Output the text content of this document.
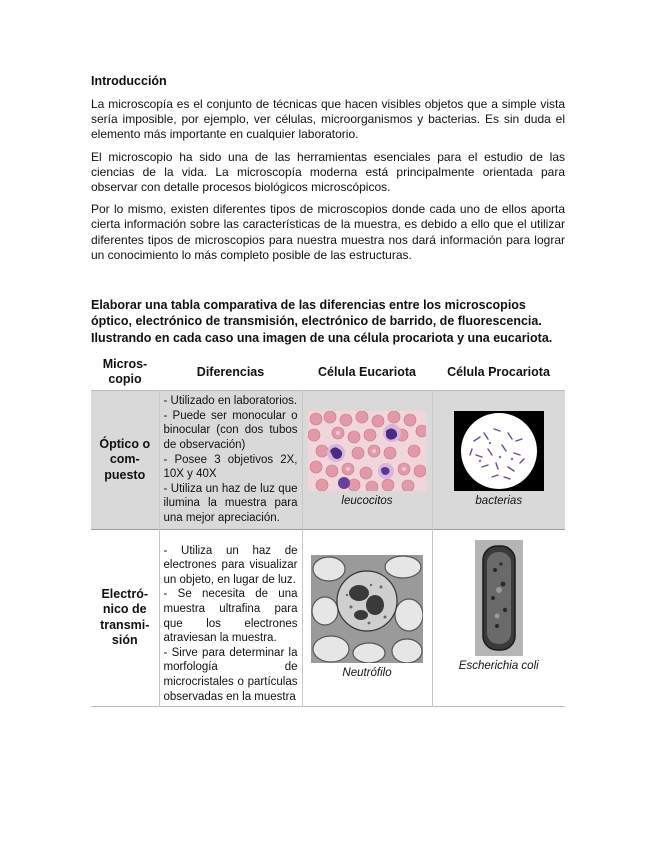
Introducción

La microscopía es el conjunto de técnicas que hacen visibles objetos que a simple vista sería imposible, por ejemplo, ver células, microorganismos y bacterias. Es sin duda el elemento más importante en cualquier laboratorio.

El microscopio ha sido una de las herramientas esenciales para el estudio de las ciencias de la vida. La microscopía moderna está principalmente orientada para observar con detalle procesos biológicos microscópicos.

Por lo mismo, existen diferentes tipos de microscopios donde cada uno de ellos aporta cierta información sobre las características de la muestra, es debido a ello que el utilizar diferentes tipos de microscopios para nuestra muestra nos dará información para lograr un conocimiento lo más completo posible de las estructuras.

Elaborar una tabla comparativa de las diferencias entre los microscopios óptico, electrónico de transmisión, electrónico de barrido, de fluorescencia. Ilustrando en cada caso una imagen de una célula procariota y una eucariota.
Micros-copio	Diferencias	Célula Eucariota	Célula Procariota
Óptico o com-puesto	- Utilizado en laboratorios.
- Puede ser monocular o binocular (con dos tubos de observación)
- Posee 3 objetivos 2X, 10X y 40X
- Utiliza un haz de luz que ilumina la muestra para una mejor apreciación.	leucocitos	bacterias

Electró-nico de transmi-sión	- Utiliza un haz de electrones para visualizar un objeto, en lugar de luz.
- Se necesita de una muestra ultrafina para que los electrones atraviesan la muestra.
- Sirve para determinar la morfología de microcristales o partículas observadas en la muestra	Neutrófilo	Escherichia coli
